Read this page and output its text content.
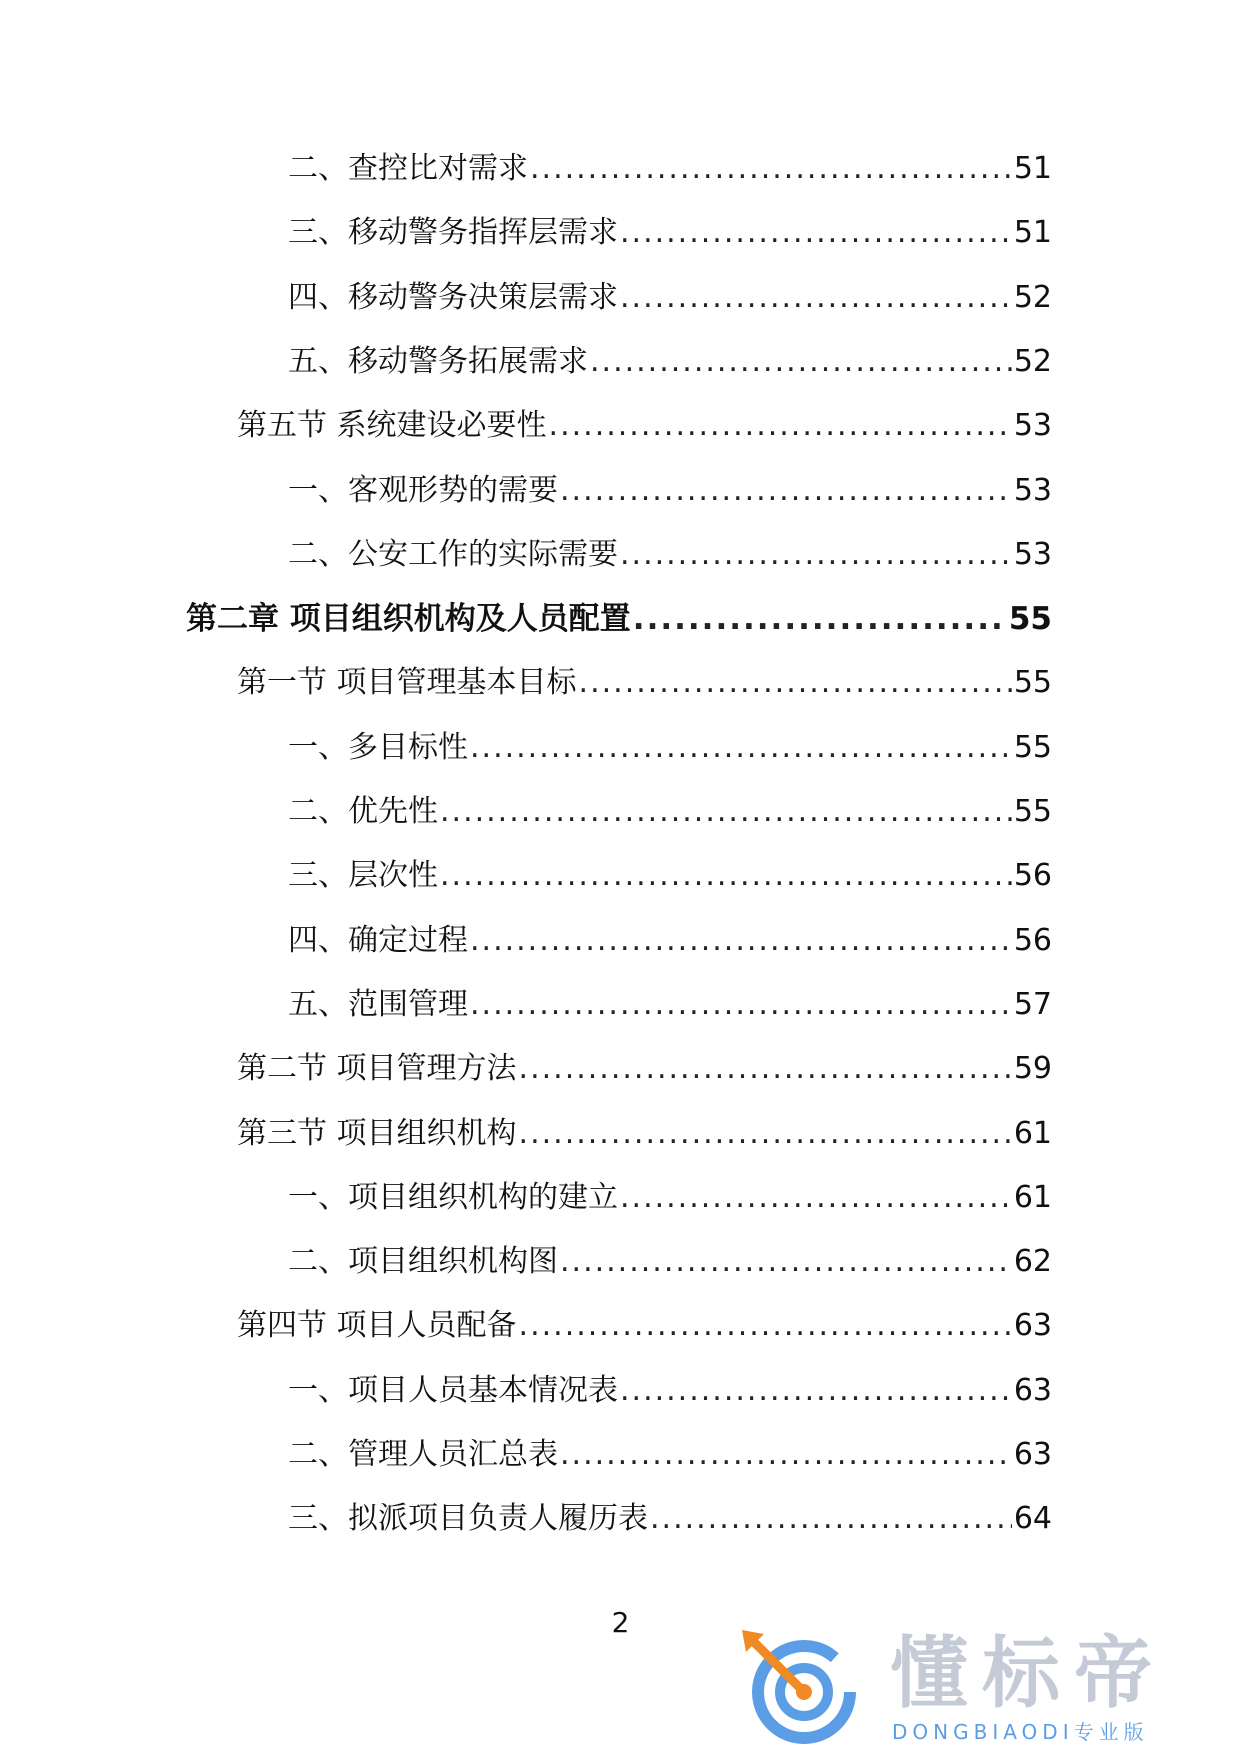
二、查控比对需求 .....	51
三、移动警务指挥层需求 .....	51
四、移动警务决策层需求 .....	52
五、移动警务拓展需求 .....	52
第五节 系统建设必要性 .....	53
一、客观形势的需要 .....	53
二、公安工作的实际需要 .....	53
第二章 项目组织机构及人员配置 .....	55
第一节 项目管理基本目标 .....	55
一、多目标性 .....	55
二、优先性 .....	55
三、层次性 .....	56
四、确定过程 .....	56
五、范围管理 .....	57
第二节 项目管理方法 .....	59
第三节 项目组织机构 .....	61
一、项目组织机构的建立 .....	61
二、项目组织机构图 .....	62
第四节 项目人员配备 .....	63
一、项目人员基本情况表 .....	63
二、管理人员汇总表 .....	63
三、拟派项目负责人履历表 .....	64
2
懂标帝
DONGBIAODI专业版
